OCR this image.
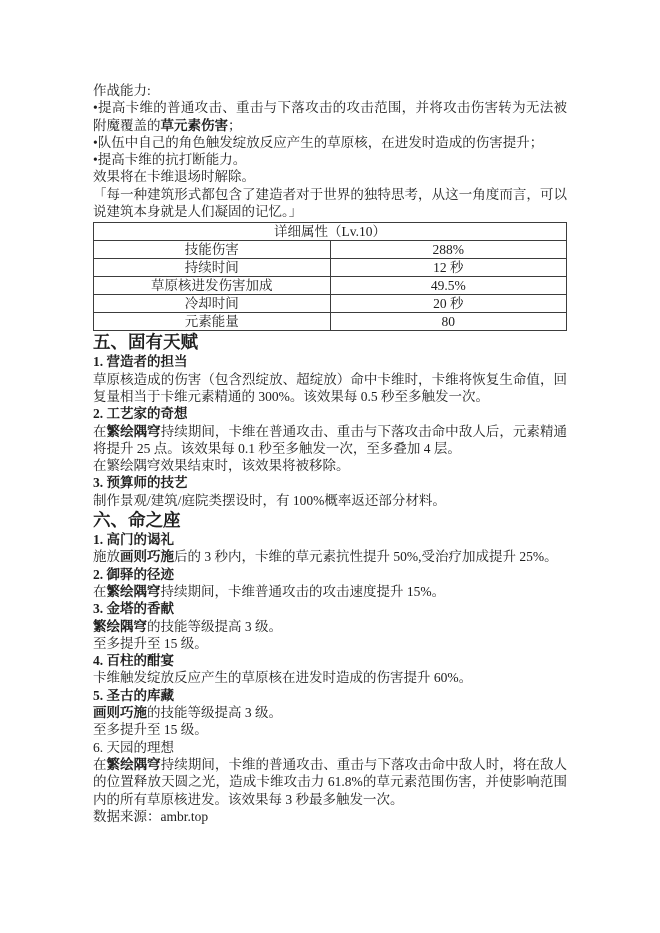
作战能力:

•提高卡维的普通攻击、重击与下落攻击的攻击范围，并将攻击伤害转为无法被附魔覆盖的草元素伤害；

•队伍中自己的角色触发绽放反应产生的草原核，在进发时造成的伤害提升；

•提高卡维的抗打断能力。

效果将在卡维退场时解除。

「每一种建筑形式都包含了建造者对于世界的独特思考，从这一角度而言，可以说建筑本身就是人们凝固的记忆。」

详细属性（Lv.10）	
技能伤害	288%
持续时间	12 秒
草原核进发伤害加成	49.5%
冷却时间	20 秒
元素能量	80

五、固有天赋

1. 营造者的担当

草原核造成的伤害（包含烈绽放、超绽放）命中卡维时，卡维将恢复生命值，回复量相当于卡维元素精通的 300%。该效果每 0.5 秒至多触发一次。

2. 工艺家的奇想

在繁绘隅穹持续期间，卡维在普通攻击、重击与下落攻击命中敌人后，元素精通将提升 25 点。该效果每 0.1 秒至多触发一次，至多叠加 4 层。

在繁绘隅穹效果结束时，该效果将被移除。

3. 预算师的技艺

制作景观/建筑/庭院类摆设时，有 100%概率返还部分材料。

六、命之座

1. 高门的谒礼

施放画则巧施后的 3 秒内，卡维的草元素抗性提升 50%,受治疗加成提升 25%。

2. 御驿的径迹

在繁绘隅穹持续期间，卡维普通攻击的攻击速度提升 15%。

3. 金塔的香献

繁绘隅穹的技能等级提高 3 级。

至多提升至 15 级。

4. 百柱的酣宴

卡维触发绽放反应产生的草原核在进发时造成的伤害提升 60%。

5. 圣古的库藏

画则巧施的技能等级提高 3 级。

至多提升至 15 级。

6. 天园的理想

在繁绘隅穹持续期间，卡维的普通攻击、重击与下落攻击命中敌人时，将在敌人的位置释放天圆之光，造成卡维攻击力 61.8%的草元素范围伤害，并使影响范围内的所有草原核进发。该效果每 3 秒最多触发一次。

数据来源：ambr.top
